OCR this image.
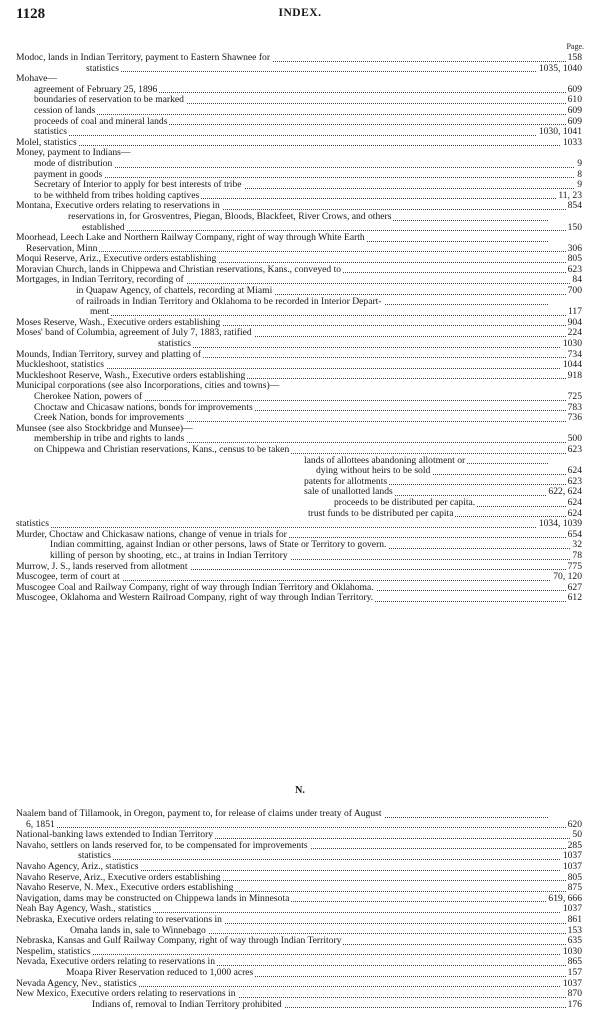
1128	INDEX.
Page.
Modoc, lands in Indian Territory, payment to Eastern Shawnee for	158
statistics	1035, 1040
Mohave—
agreement of February 25, 1896	609
boundaries of reservation to be marked	610
cession of lands	609
proceeds of coal and mineral lands	609
statistics	1030, 1041
Molel, statistics	1033
Money, payment to Indians—
mode of distribution	9
payment in goods	8
Secretary of Interior to apply for best interests of tribe	9
to be withheld from tribes holding captives	11, 23
Montana, Executive orders relating to reservations in	854
reservations in, for Grosventres, Piegan, Bloods, Blackfeet, River Crows, and others
established	150
Moorhead, Leech Lake and Northern Railway Company, right of way through White Earth
Reservation, Minn	306
Moqui Reserve, Ariz., Executive orders establishing	805
Moravian Church, lands in Chippewa and Christian reservations, Kans., conveyed to	623
Mortgages, in Indian Territory, recording of	84
in Quapaw Agency, of chattels, recording at Miami	700
of railroads in Indian Territory and Oklahoma to be recorded in Interior Depart-
ment	117
Moses Reserve, Wash., Executive orders establishing	904
Moses' band of Columbia, agreement of July 7, 1883, ratified	224
statistics	1030
Mounds, Indian Territory, survey and platting of	734
Muckleshoot, statistics	1044
Muckleshoot Reserve, Wash., Executive orders establishing	918
Municipal corporations (see also Incorporations, cities and towns)—
Cherokee Nation, powers of	725
Choctaw and Chicasaw nations, bonds for improvements	783
Creek Nation, bonds for improvements	736
Munsee (see also Stockbridge and Munsee)—
membership in tribe and rights to lands	500
on Chippewa and Christian reservations, Kans., census to be taken	623
lands of allottees abandoning allotment or
dying without heirs to be sold	624
patents for allotments	623
sale of unallotted lands	622, 624
proceeds to be distributed per capita.	624
trust funds to be distributed per capita	624
statistics	1034, 1039
Murder, Choctaw and Chickasaw nations, change of venue in trials for	654
Indian committing, against Indian or other persons, laws of State or Territory to govern.	32
killing of person by shooting, etc., at trains in Indian Territory	78
Murrow, J. S., lands reserved from allotment	775
Muscogee, term of court at	70, 120
Muscogee Coal and Railway Company, right of way through Indian Territory and Oklahoma.	627
Muscogee, Oklahoma and Western Railroad Company, right of way through Indian Territory.	612
N.
Naalem band of Tillamook, in Oregon, payment to, for release of claims under treaty of August
6, 1851	620
National-banking laws extended to Indian Territory	50
Navaho, settlers on lands reserved for, to be compensated for improvements	285
statistics	1037
Navaho Agency, Ariz., statistics	1037
Navaho Reserve, Ariz., Executive orders establishing	805
Navaho Reserve, N. Mex., Executive orders establishing	875
Navigation, dams may be constructed on Chippewa lands in Minnesota	619, 666
Neah Bay Agency, Wash., statistics	1037
Nebraska, Executive orders relating to reservations in	861
Omaha lands in, sale to Winnebago	153
Nebraska, Kansas and Gulf Railway Company, right of way through Indian Territory	635
Nespelim, statistics	1030
Nevada, Executive orders relating to reservations in	865
Moapa River Reservation reduced to 1,000 acres	157
Nevada Agency, Nev., statistics	1037
New Mexico, Executive orders relating to reservations in	870
Indians of, removal to Indian Territory prohibited	176
